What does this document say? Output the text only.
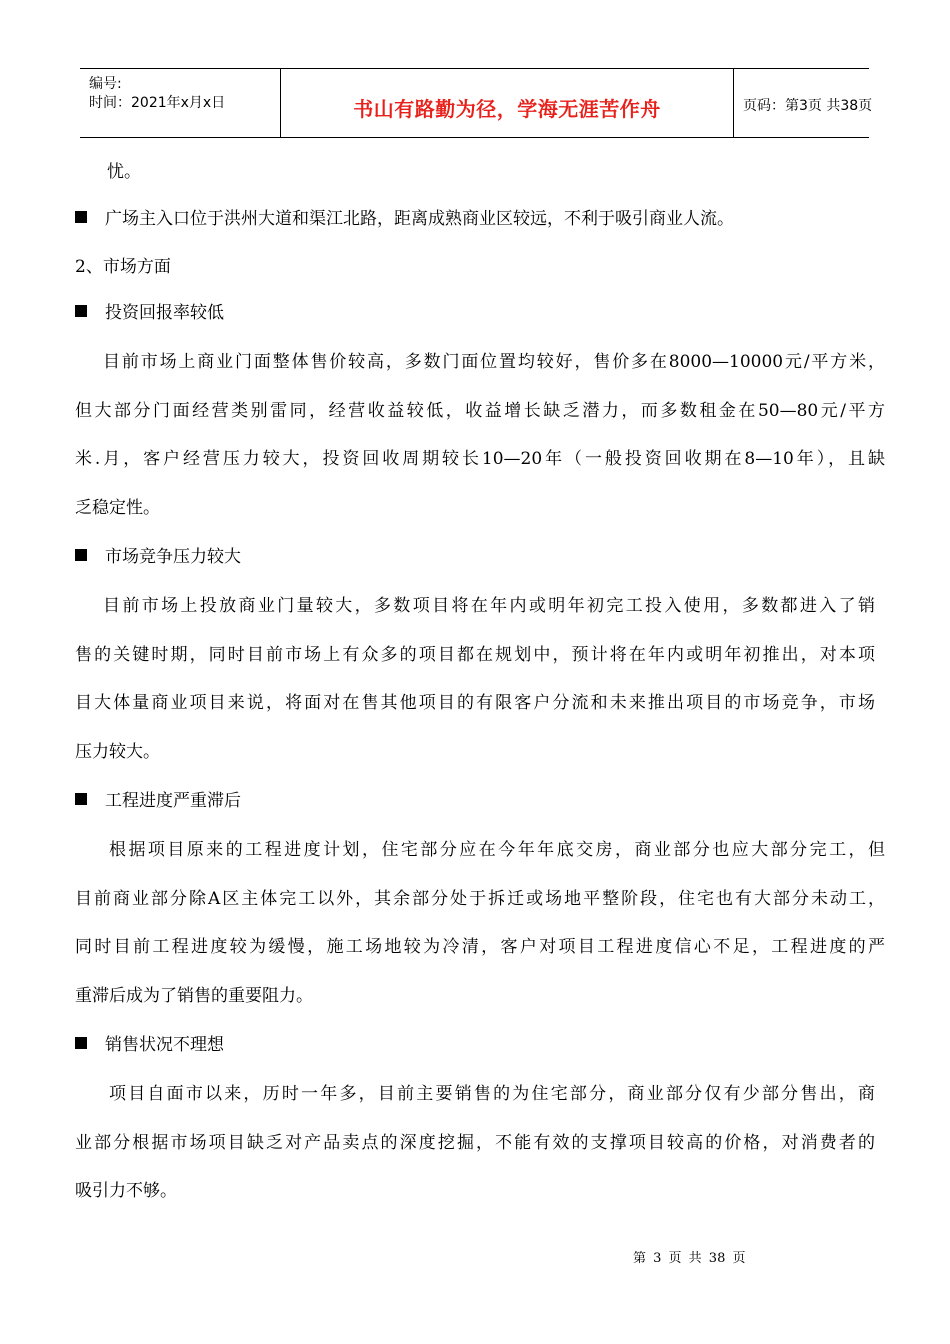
编号:
时间：2021年x月x日	书山有路勤为径，学海无涯苦作舟	页码：第3页 共38页
忧。
广场主入口位于洪州大道和渠江北路，距离成熟商业区较远，不利于吸引商业人流。
2、市场方面
投资回报率较低
目前市场上商业门面整体售价较高，多数门面位置均较好，售价多在8000—10000元/平方米，
但大部分门面经营类别雷同，经营收益较低，收益增长缺乏潜力，而多数租金在50—80元/平方
米.月，客户经营压力较大，投资回收周期较长10—20年（一般投资回收期在8—10年），且缺
乏稳定性。
市场竞争压力较大
目前市场上投放商业门量较大，多数项目将在年内或明年初完工投入使用，多数都进入了销
售的关键时期，同时目前市场上有众多的项目都在规划中，预计将在年内或明年初推出，对本项
目大体量商业项目来说，将面对在售其他项目的有限客户分流和未来推出项目的市场竞争，市场
压力较大。
工程进度严重滞后
根据项目原来的工程进度计划，住宅部分应在今年年底交房，商业部分也应大部分完工，但
目前商业部分除A区主体完工以外，其余部分处于拆迁或场地平整阶段，住宅也有大部分未动工，
同时目前工程进度较为缓慢，施工场地较为冷清，客户对项目工程进度信心不足，工程进度的严
重滞后成为了销售的重要阻力。
销售状况不理想
项目自面市以来，历时一年多，目前主要销售的为住宅部分，商业部分仅有少部分售出，商
业部分根据市场项目缺乏对产品卖点的深度挖掘，不能有效的支撑项目较高的价格，对消费者的
吸引力不够。
第 3 页 共 38 页
